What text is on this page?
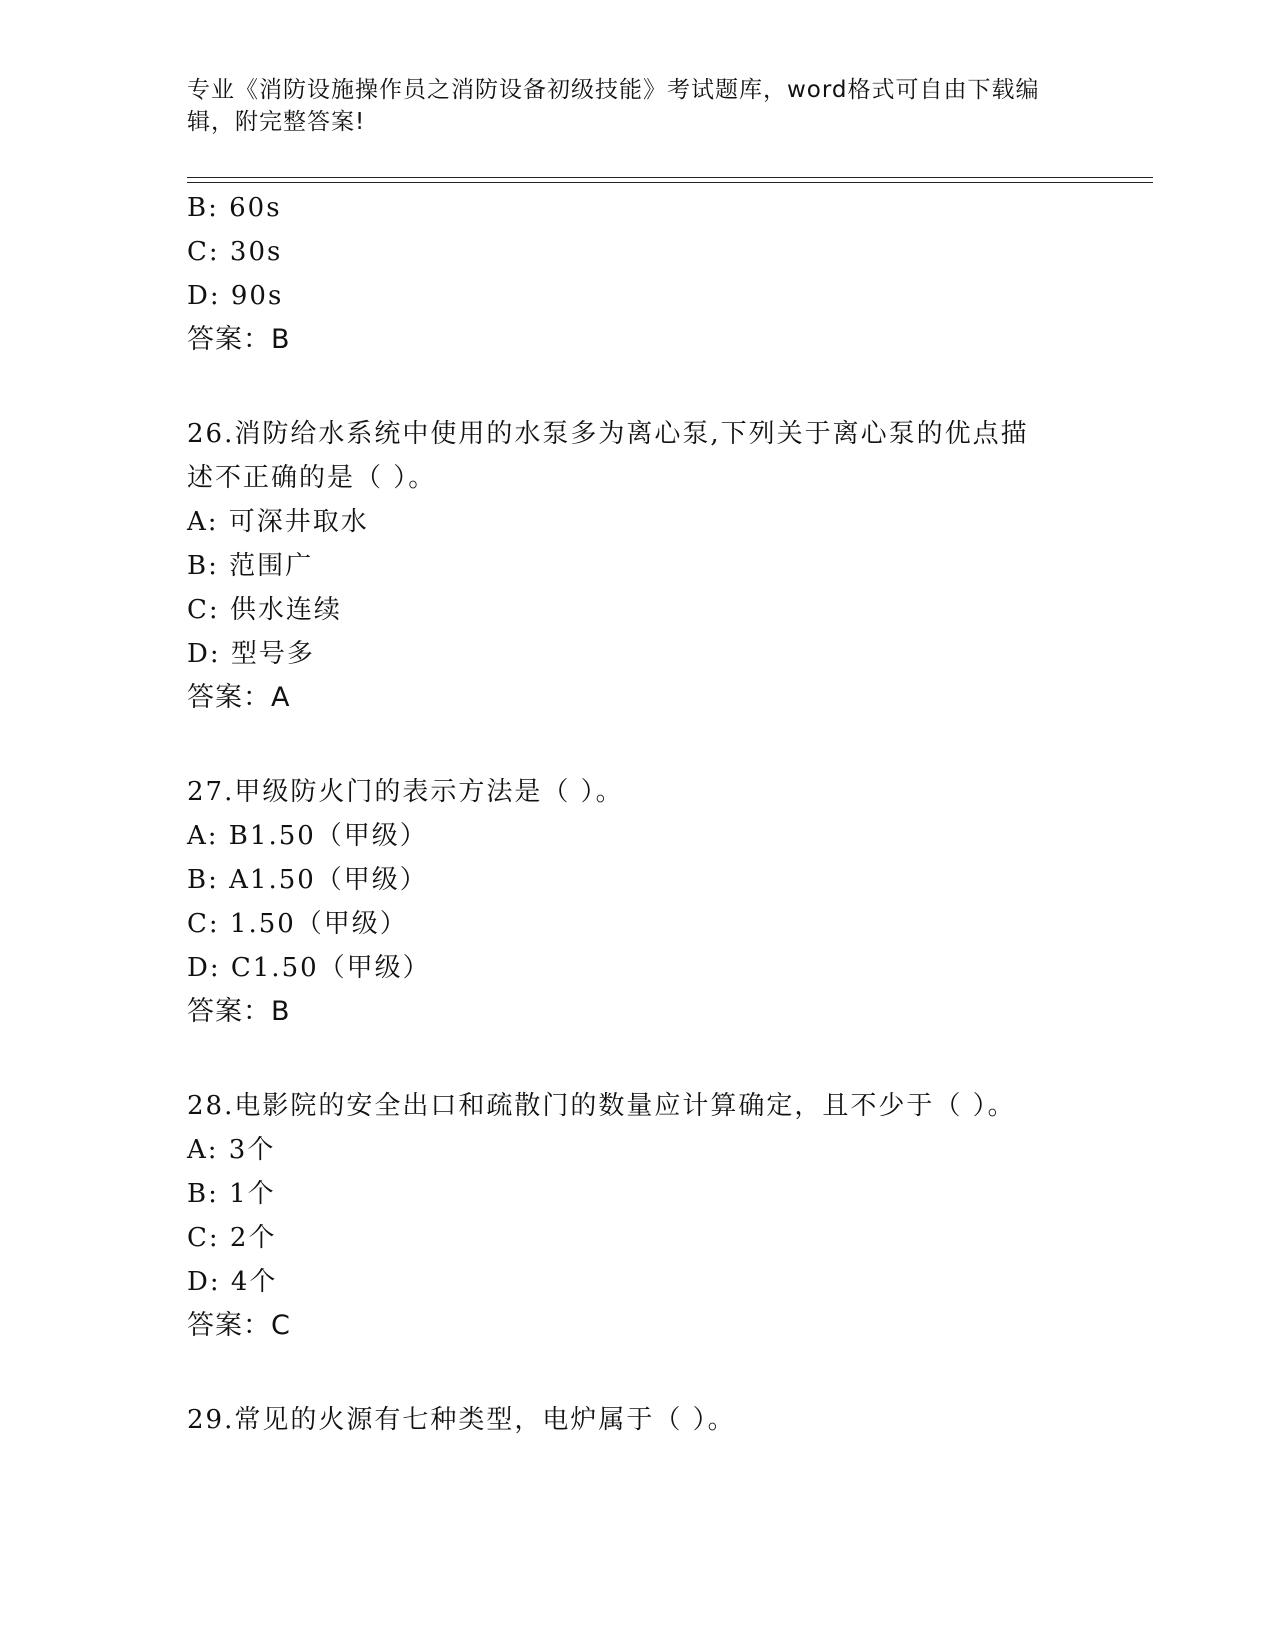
专业《消防设施操作员之消防设备初级技能》考试题库，word格式可自由下载编
辑，附完整答案!
B: 60s
C: 30s
D: 90s
答案：B
26.消防给水系统中使用的水泵多为离心泵,下列关于离心泵的优点描
述不正确的是（ ）。
A: 可深井取水
B: 范围广
C: 供水连续
D: 型号多
答案：A
27.甲级防火门的表示方法是（ ）。
A: B1.50（甲级）
B: A1.50（甲级）
C: 1.50（甲级）
D: C1.50（甲级）
答案：B
28.电影院的安全出口和疏散门的数量应计算确定，且不少于（ ）。
A: 3个
B: 1个
C: 2个
D: 4个
答案：C
29.常见的火源有七种类型，电炉属于（ ）。
